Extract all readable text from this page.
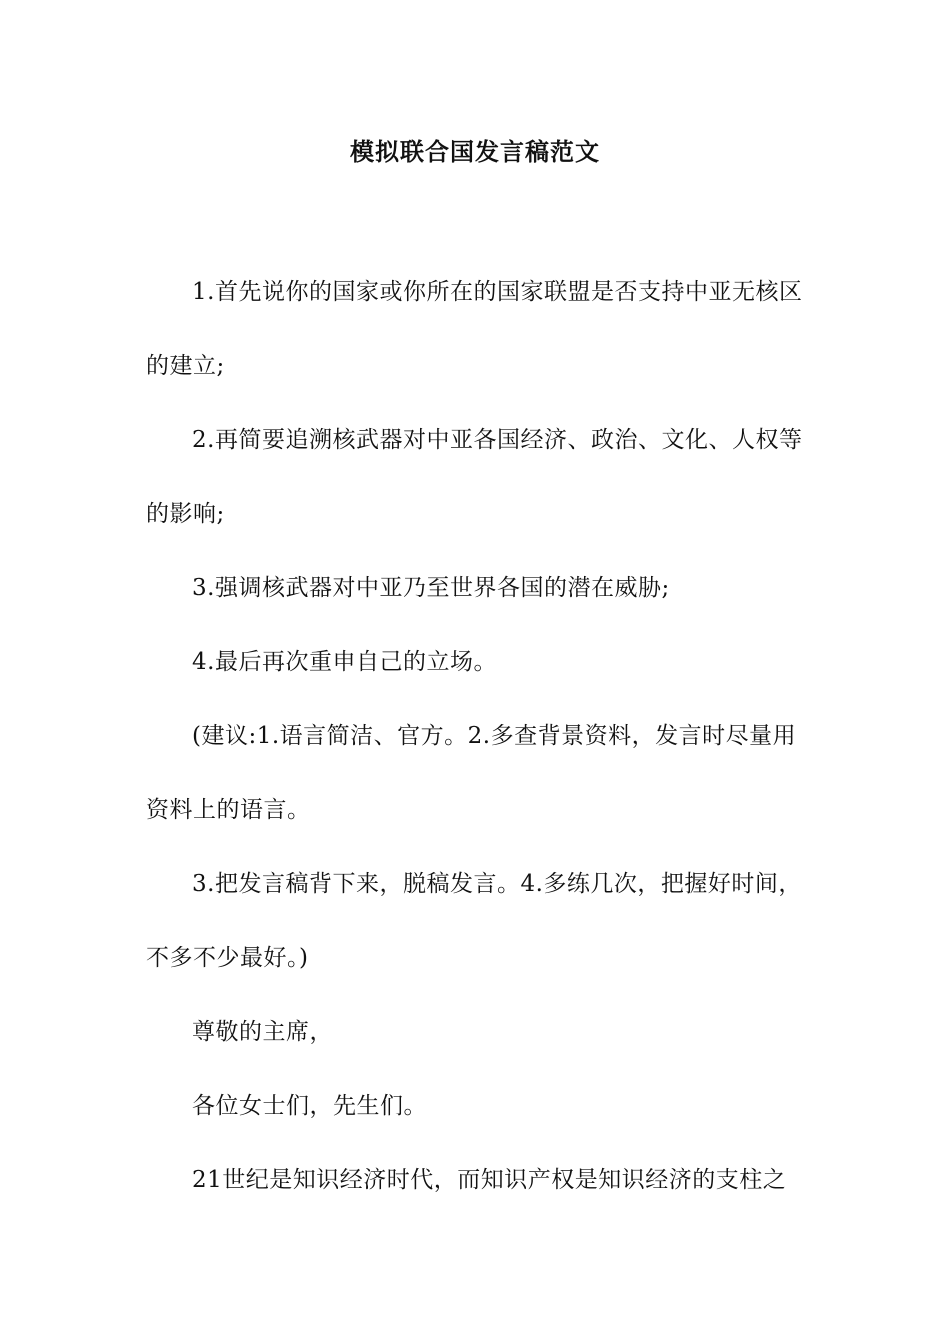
模拟联合国发言稿范文

1.首先说你的国家或你所在的国家联盟是否支持中亚无核区的建立;

2.再简要追溯核武器对中亚各国经济、政治、文化、人权等的影响;

3.强调核武器对中亚乃至世界各国的潜在威胁;

4.最后再次重申自己的立场。

(建议:1.语言简洁、官方。2.多查背景资料，发言时尽量用资料上的语言。

3.把发言稿背下来，脱稿发言。4.多练几次，把握好时间，不多不少最好。)

尊敬的主席，

各位女士们，先生们。

21世纪是知识经济时代，而知识产权是知识经济的支柱之
